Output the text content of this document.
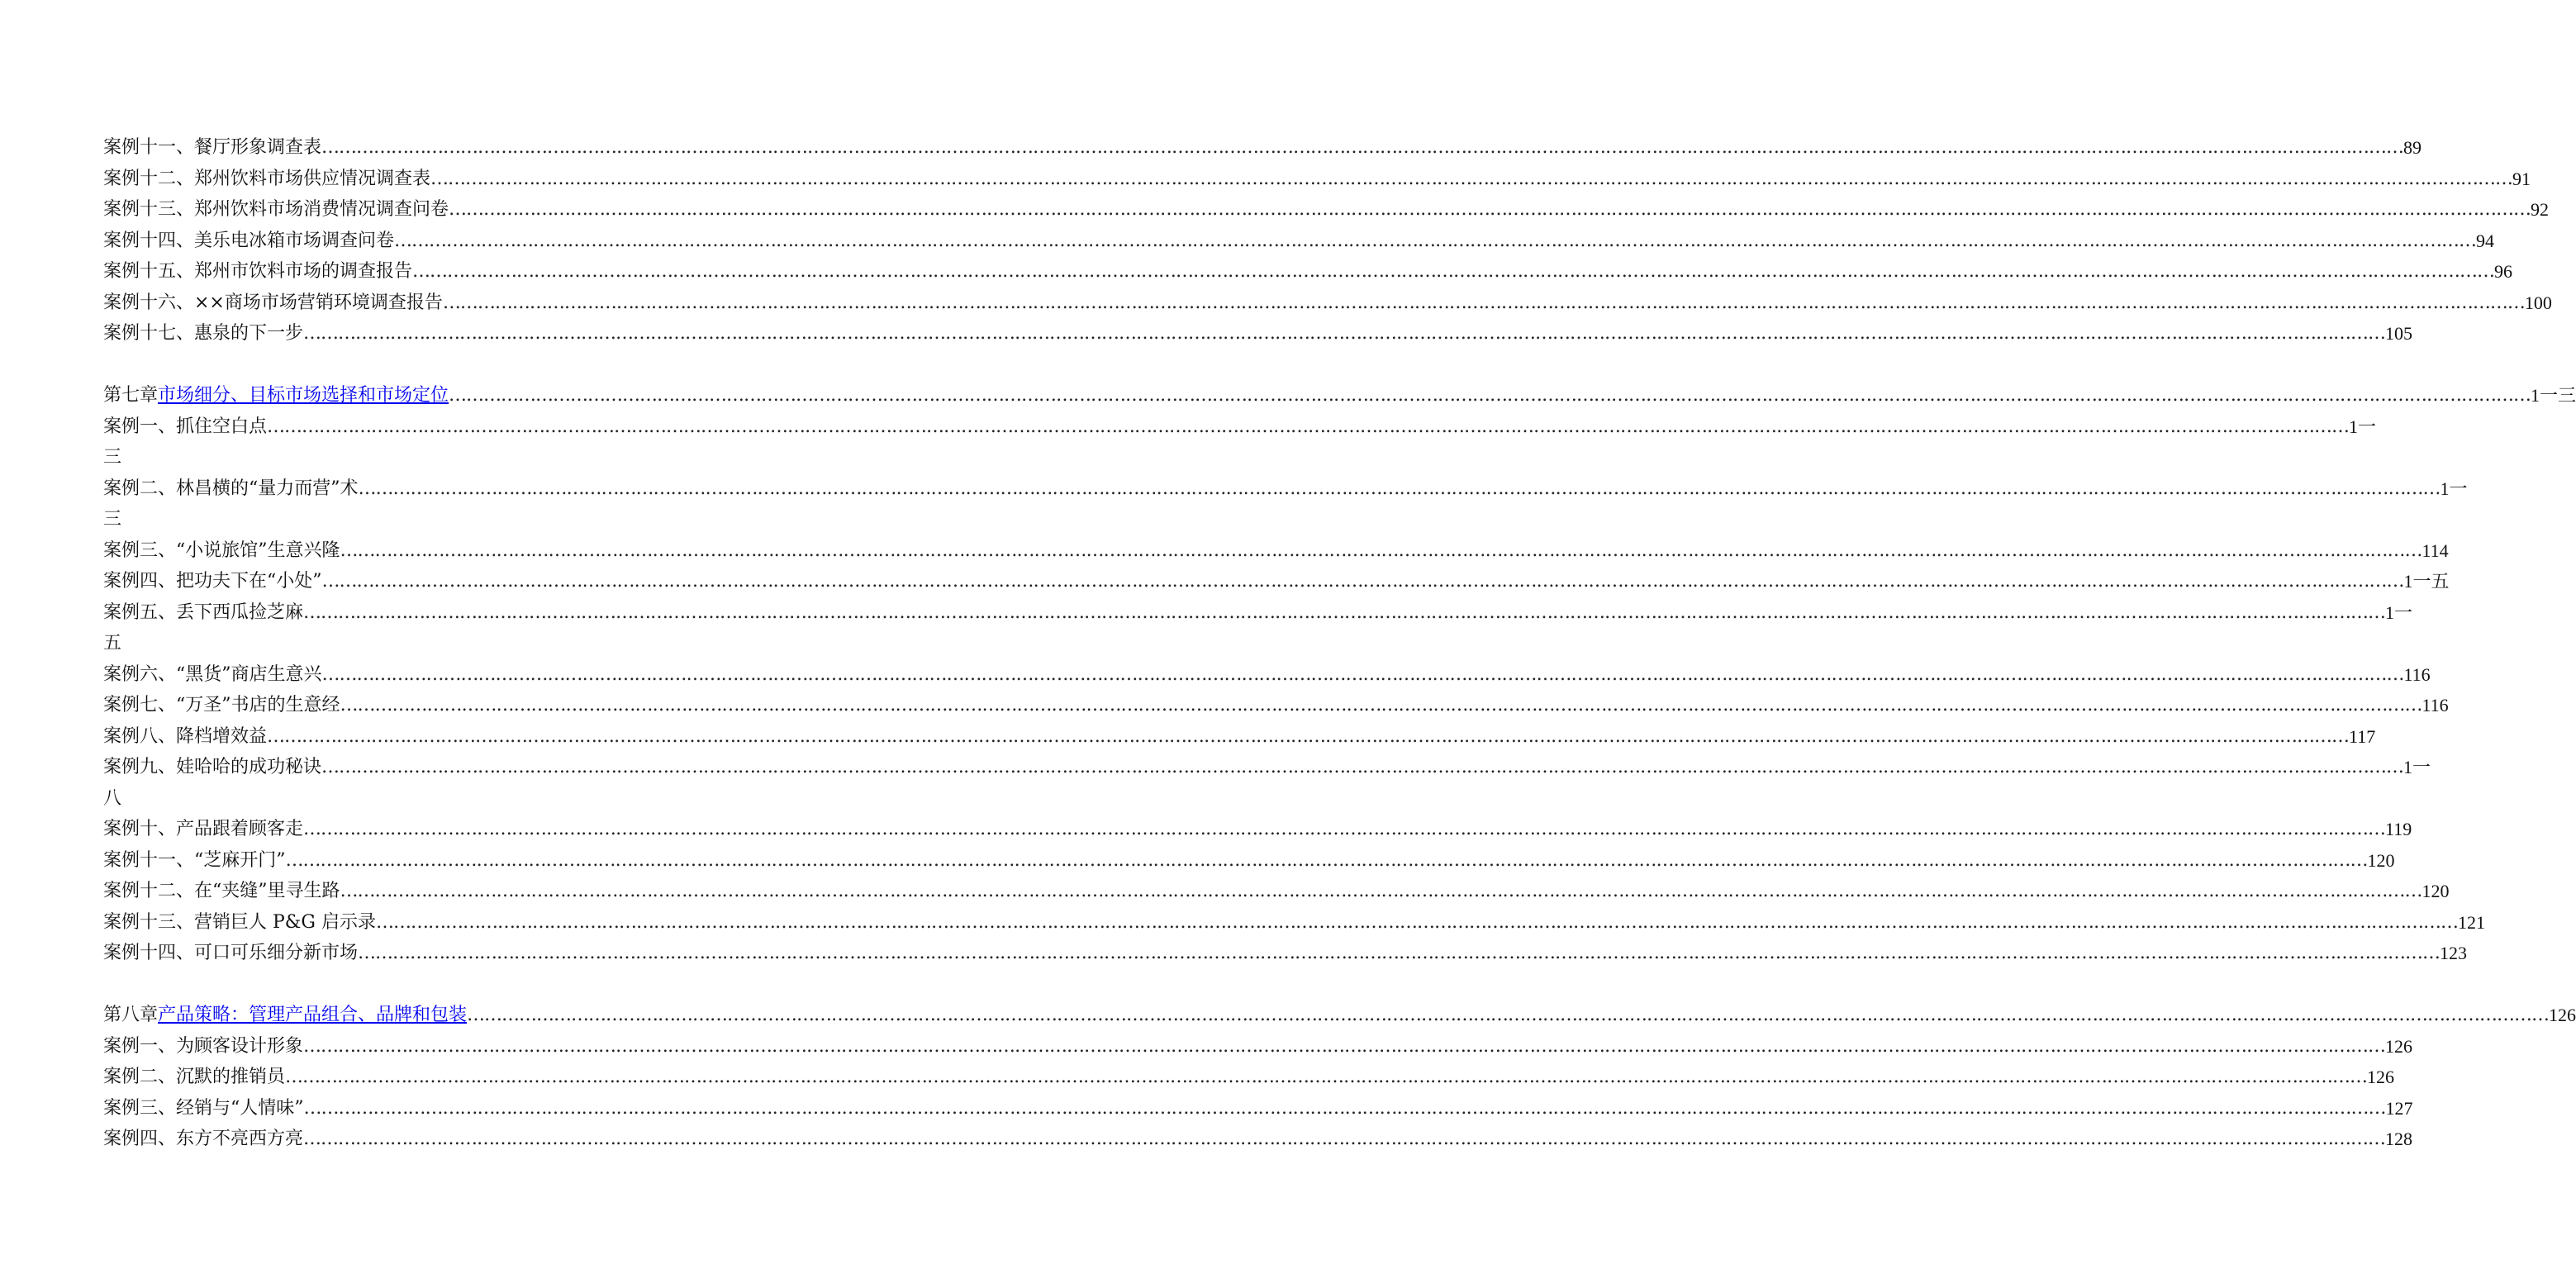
案例十一、餐厅形象调查表 ……………………………………………………………………………………………………………………………………………………………………………………………………………………………………………………………………………………………………………………………… 89
案例十二、郑州饮料市场供应情况调查表 ……………………………………………………………………………………………………………………………………………………………………………………………………………………………………………………………………………………………………………………………… 91
案例十三、郑州饮料市场消费情况调查问卷 ……………………………………………………………………………………………………………………………………………………………………………………………………………………………………………………………………………………………………………………………… 92
案例十四、美乐电冰箱市场调查问卷 ……………………………………………………………………………………………………………………………………………………………………………………………………………………………………………………………………………………………………………………………… 94
案例十五、郑州市饮料市场的调查报告 ……………………………………………………………………………………………………………………………………………………………………………………………………………………………………………………………………………………………………………………………… 96
案例十六、××商场市场营销环境调查报告 ……………………………………………………………………………………………………………………………………………………………………………………………………………………………………………………………………………………………………………………………… 100
案例十七、惠泉的下一步 ……………………………………………………………………………………………………………………………………………………………………………………………………………………………………………………………………………………………………………………………… 105
第七章市场细分、目标市场选择和市场定位 ……………………………………………………………………………………………………………………………………………………………………………………………………………………………………………………………………………………………………………………………… 1一三
案例一、抓住空白点 ……………………………………………………………………………………………………………………………………………………………………………………………………………………………………………………………………………………………………………………………… 1一
三
案例二、林昌横的“量力而营”术 ……………………………………………………………………………………………………………………………………………………………………………………………………………………………………………………………………………………………………………………………… 1一
三
案例三、“小说旅馆”生意兴隆 ……………………………………………………………………………………………………………………………………………………………………………………………………………………………………………………………………………………………………………………………… 114
案例四、把功夫下在“小处” ……………………………………………………………………………………………………………………………………………………………………………………………………………………………………………………………………………………………………………………………… 1一五
案例五、丢下西瓜捡芝麻 ……………………………………………………………………………………………………………………………………………………………………………………………………………………………………………………………………………………………………………………………… 1一
五
案例六、“黑货”商店生意兴 ……………………………………………………………………………………………………………………………………………………………………………………………………………………………………………………………………………………………………………………………… 116
案例七、“万圣”书店的生意经 ……………………………………………………………………………………………………………………………………………………………………………………………………………………………………………………………………………………………………………………………… 116
案例八、降档增效益 ……………………………………………………………………………………………………………………………………………………………………………………………………………………………………………………………………………………………………………………………… 117
案例九、娃哈哈的成功秘诀 ……………………………………………………………………………………………………………………………………………………………………………………………………………………………………………………………………………………………………………………………… 1一
八
案例十、产品跟着顾客走 ……………………………………………………………………………………………………………………………………………………………………………………………………………………………………………………………………………………………………………………………… 119
案例十一、“芝麻开门” ……………………………………………………………………………………………………………………………………………………………………………………………………………………………………………………………………………………………………………………………… 120
案例十二、在“夹缝”里寻生路 ……………………………………………………………………………………………………………………………………………………………………………………………………………………………………………………………………………………………………………………………… 120
案例十三、营销巨人 P&G 启示录 ……………………………………………………………………………………………………………………………………………………………………………………………………………………………………………………………………………………………………………………………… 121
案例十四、可口可乐细分新市场 ……………………………………………………………………………………………………………………………………………………………………………………………………………………………………………………………………………………………………………………………… 123
第八章产品策略：管理产品组合、品牌和包装 ……………………………………………………………………………………………………………………………………………………………………………………………………………………………………………………………………………………………………………………………… 126
案例一、为顾客设计形象 ……………………………………………………………………………………………………………………………………………………………………………………………………………………………………………………………………………………………………………………………… 126
案例二、沉默的推销员 ……………………………………………………………………………………………………………………………………………………………………………………………………………………………………………………………………………………………………………………………… 126
案例三、经销与“人情味” ……………………………………………………………………………………………………………………………………………………………………………………………………………………………………………………………………………………………………………………………… 127
案例四、东方不亮西方亮 ……………………………………………………………………………………………………………………………………………………………………………………………………………………………………………………………………………………………………………………………… 128
